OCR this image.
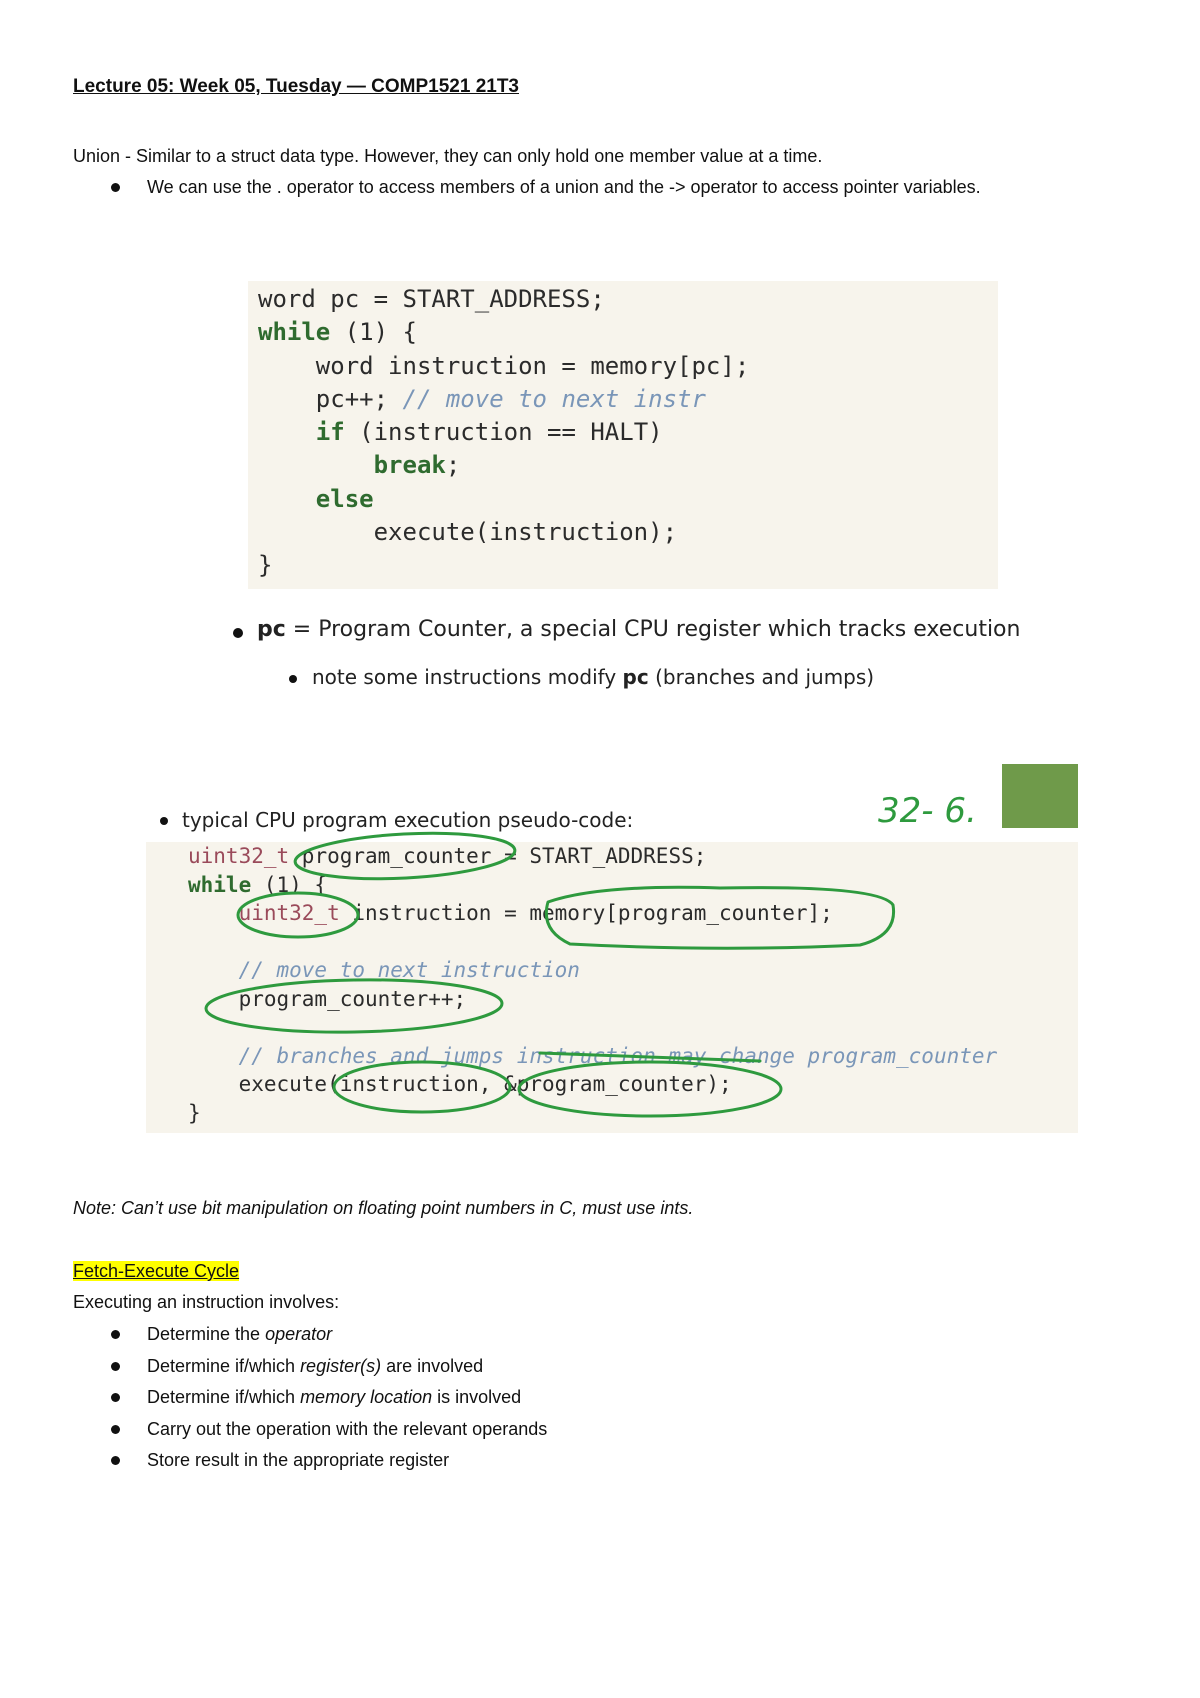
Lecture 05: Week 05, Tuesday — COMP1521 21T3
Union - Similar to a struct data type. However, they can only hold one member value at a time.
We can use the . operator to access members of a union and the -> operator to access pointer variables.
word pc = START_ADDRESS;
while (1) {
word instruction = memory[pc];
pc++; // move to next instr
if (instruction == HALT)
break;
else
execute(instruction);
}
pc = Program Counter, a special CPU register which tracks execution
note some instructions modify pc (branches and jumps)
typical CPU program execution pseudo-code:
uint32_t program_counter = START_ADDRESS;
while (1) {
uint32_t instruction = memory[program_counter];

// move to next instruction
program_counter++;

// branches and jumps instruction may change program_counter
execute(instruction, &program_counter);
}
32- 6.
Note: Can’t use bit manipulation on floating point numbers in C, must use ints.
Fetch-Execute Cycle
Executing an instruction involves:
Determine the operator
Determine if/which register(s) are involved
Determine if/which memory location is involved
Carry out the operation with the relevant operands
Store result in the appropriate register
